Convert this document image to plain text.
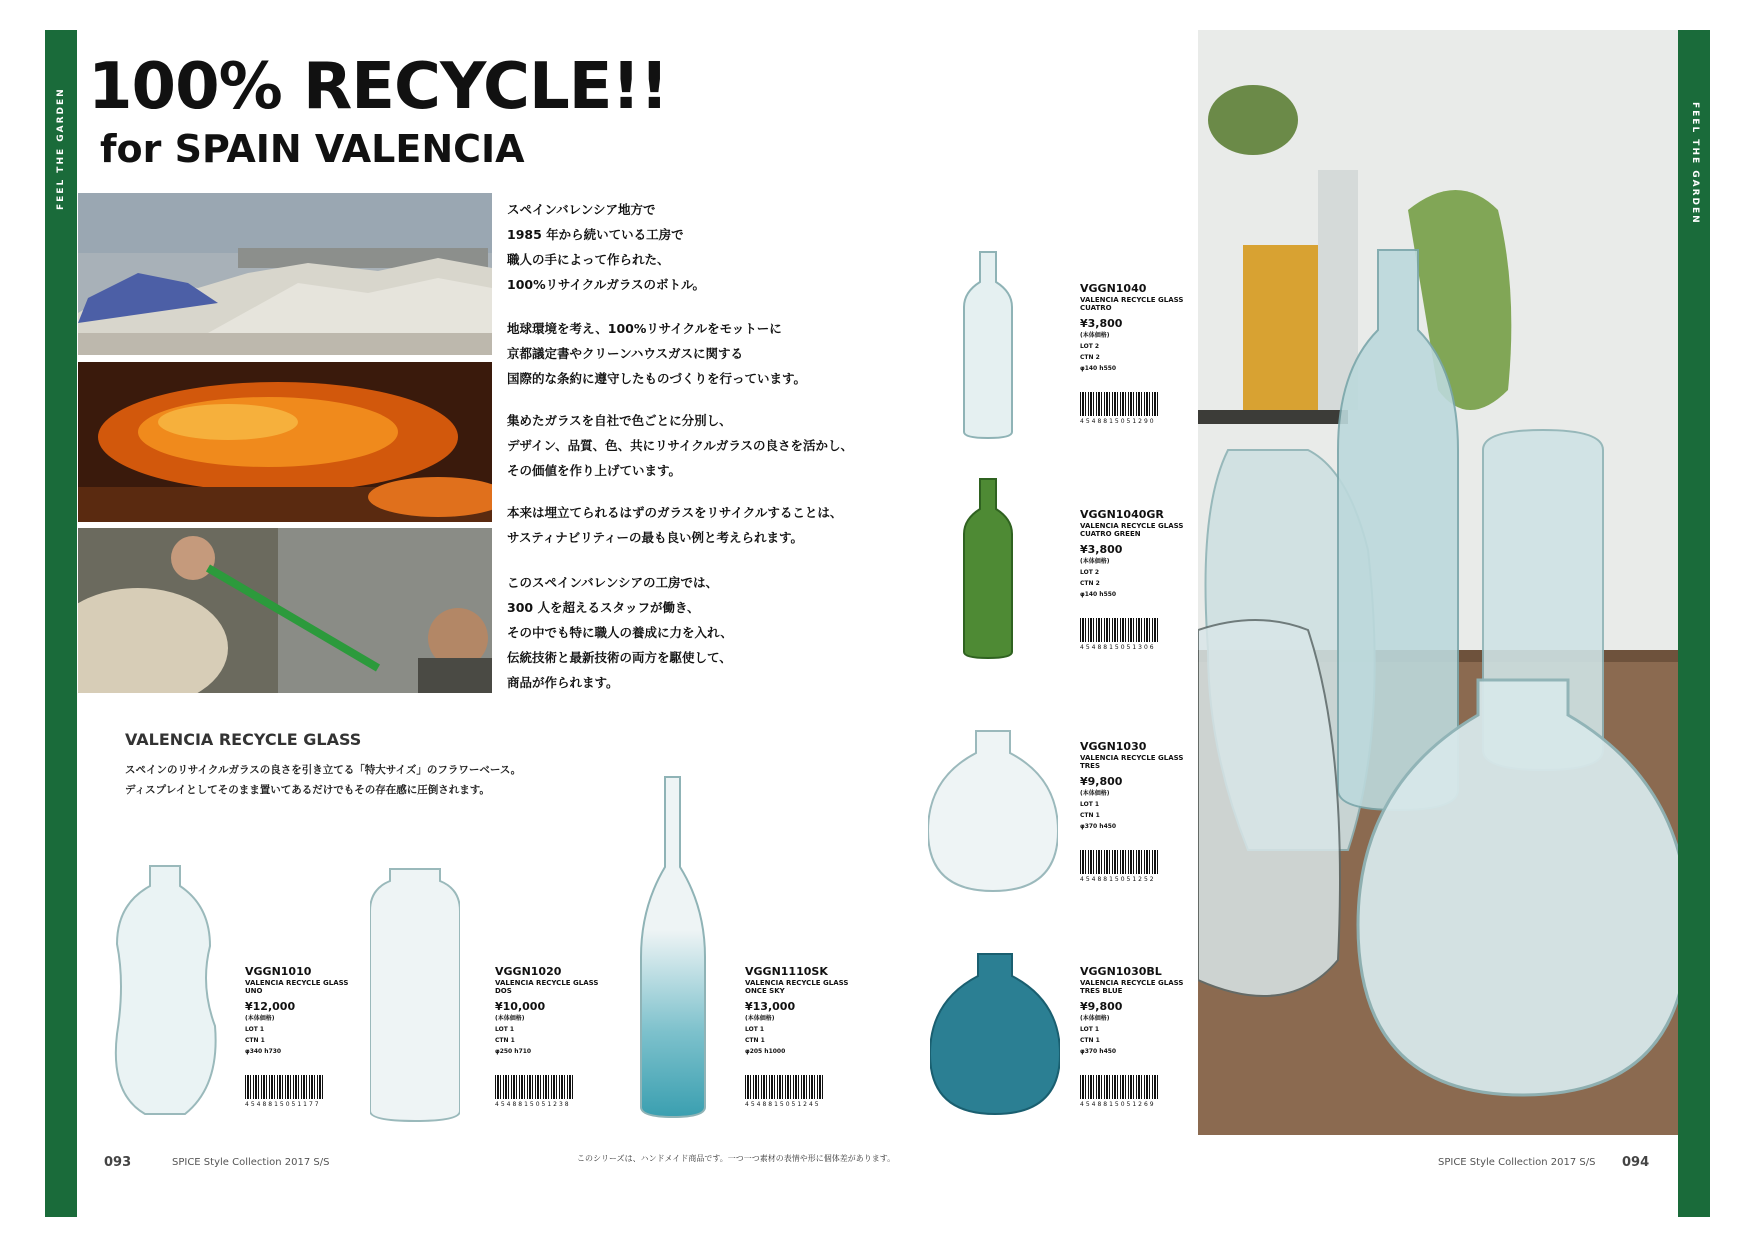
FEEL THE GARDEN	FEEL THE GARDEN
100% RECYCLE!!
for SPAIN VALENCIA
スペインバレンシア地方で
1985 年から続いている工房で
職人の手によって作られた、
100%リサイクルガラスのボトル。
地球環境を考え、100%リサイクルをモットーに
京都議定書やクリーンハウスガスに関する
国際的な条約に遵守したものづくりを行っています。
集めたガラスを自社で色ごとに分別し、
デザイン、品質、色、共にリサイクルガラスの良さを活かし、
その価値を作り上げています。
本来は埋立てられるはずのガラスをリサイクルすることは、
サスティナビリティーの最も良い例と考えられます。
このスペインバレンシアの工房では、
300 人を超えるスタッフが働き、
その中でも特に職人の養成に力を入れ、
伝統技術と最新技術の両方を駆使して、
商品が作られます。
VALENCIA RECYCLE GLASS
スペインのリサイクルガラスの良さを引き立てる「特大サイズ」のフラワーベース。
ディスプレイとしてそのまま置いてあるだけでもその存在感に圧倒されます。
VGGN1040
VALENCIA RECYCLE GLASS
CUATRO
¥3,800
(本体価格)
LOT 2
CTN 2
φ140 h550
4548815051290
VGGN1040GR
VALENCIA RECYCLE GLASS
CUATRO GREEN
¥3,800
(本体価格)
LOT 2
CTN 2
φ140 h550
4548815051306
VGGN1030
VALENCIA RECYCLE GLASS
TRES
¥9,800
(本体価格)
LOT 1
CTN 1
φ370 h450
4548815051252
VGGN1030BL
VALENCIA RECYCLE GLASS
TRES BLUE
¥9,800
(本体価格)
LOT 1
CTN 1
φ370 h450
4548815051269
VGGN1010
VALENCIA RECYCLE GLASS
UNO
¥12,000
(本体価格)
LOT 1
CTN 1
φ340 h730
4548815051177
VGGN1020
VALENCIA RECYCLE GLASS
DOS
¥10,000
(本体価格)
LOT 1
CTN 1
φ250 h710
4548815051238
VGGN1110SK
VALENCIA RECYCLE GLASS
ONCE SKY
¥13,000
(本体価格)
LOT 1
CTN 1
φ205 h1000
4548815051245
093	SPICE Style Collection 2017 S/S	このシリーズは、ハンドメイド商品です。一つ一つ素材の表情や形に個体差があります。	SPICE Style Collection 2017 S/S 094
